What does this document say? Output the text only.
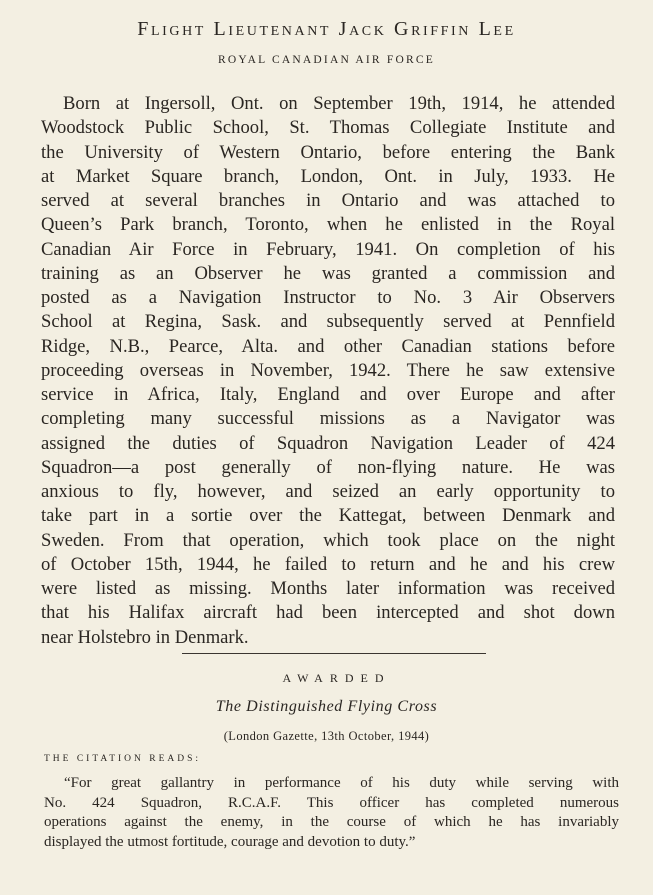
Flight Lieutenant Jack Griffin Lee
ROYAL CANADIAN AIR FORCE
Born at Ingersoll, Ont. on September 19th, 1914, he attended
Woodstock Public School, St. Thomas Collegiate Institute and
the University of Western Ontario, before entering the Bank
at Market Square branch, London, Ont. in July, 1933. He
served at several branches in Ontario and was attached to
Queen’s Park branch, Toronto, when he enlisted in the Royal
Canadian Air Force in February, 1941. On completion of his
training as an Observer he was granted a commission and
posted as a Navigation Instructor to No. 3 Air Observers
School at Regina, Sask. and subsequently served at Pennfield
Ridge, N.B., Pearce, Alta. and other Canadian stations before
proceeding overseas in November, 1942. There he saw extensive
service in Africa, Italy, England and over Europe and after
completing many successful missions as a Navigator was
assigned the duties of Squadron Navigation Leader of 424
Squadron—a post generally of non-flying nature. He was
anxious to fly, however, and seized an early opportunity to
take part in a sortie over the Kattegat, between Denmark and
Sweden. From that operation, which took place on the night
of October 15th, 1944, he failed to return and he and his crew
were listed as missing. Months later information was received
that his Halifax aircraft had been intercepted and shot down
near Holstebro in Denmark.
AWARDED
The Distinguished Flying Cross
(London Gazette, 13th October, 1944)
THE CITATION READS:
“For great gallantry in performance of his duty while serving with
No. 424 Squadron, R.C.A.F. This officer has completed numerous
operations against the enemy, in the course of which he has invariably
displayed the utmost fortitude, courage and devotion to duty.”
